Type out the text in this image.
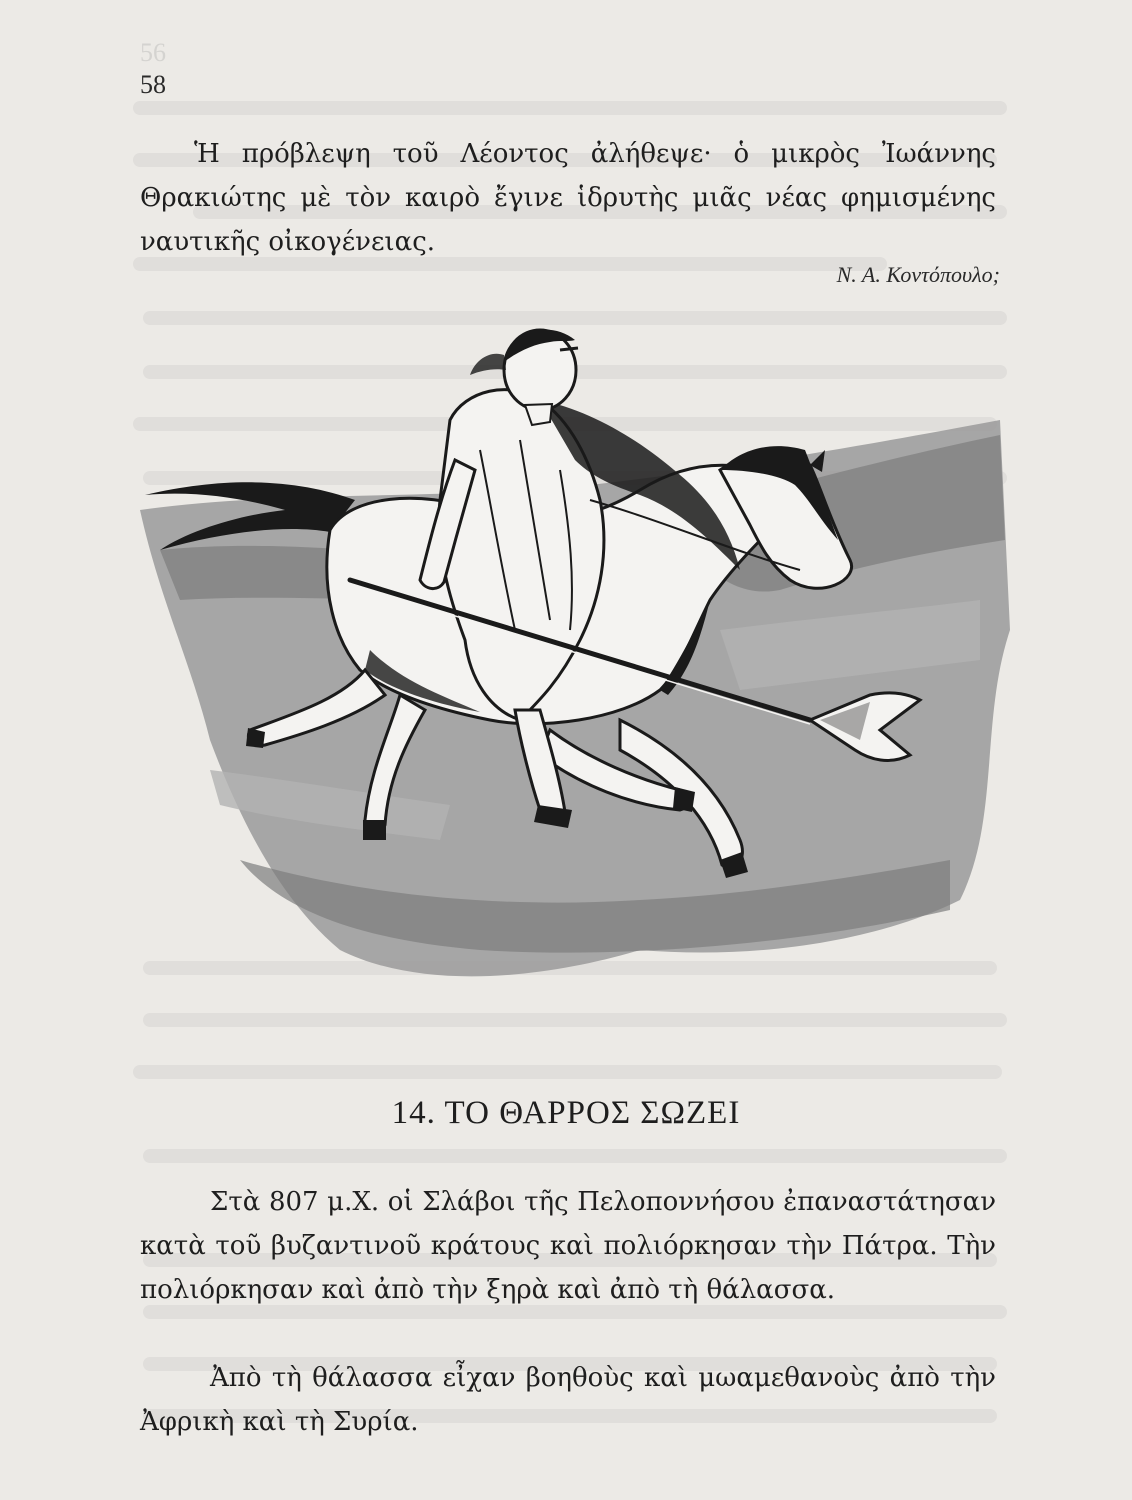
56
58

Ἡ πρόβλεψη τοῦ Λέοντος ἀλήθεψε· ὁ μικρὸς Ἰωάννης Θρακιώτης μὲ τὸν καιρὸ ἔγινε ἱδρυτὴς μιᾶς νέας φημισμένης ναυτικῆς οἰκογένειας.

Ν. Α. Κοντόπουλο;
14. ΤΟ ΘΑΡΡΟΣ ΣΩΖΕΙ

Στὰ 807 μ.Χ. οἱ Σλάβοι τῆς Πελοποννήσου ἐπαναστάτησαν κατὰ τοῦ βυζαντινοῦ κράτους καὶ πολιόρκησαν τὴν Πάτρα. Τὴν πολιόρκησαν καὶ ἀπὸ τὴν ξηρὰ καὶ ἀπὸ τὴ θάλασσα.

Ἀπὸ τὴ θάλασσα εἶχαν βοηθοὺς καὶ μωαμεθανοὺς ἀπὸ τὴν Ἀφρικὴ καὶ τὴ Συρία.
